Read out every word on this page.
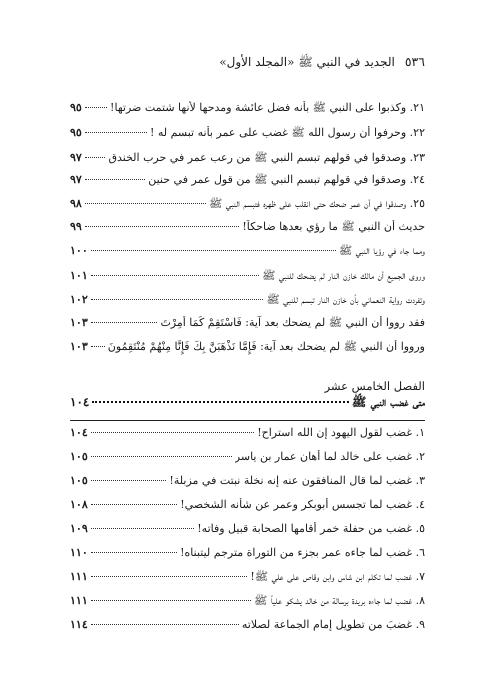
٥٣٦
الجديد في النبي ﷺ «المجلد الأول»
٢١. وكذبوا على النبي ﷺ بأنه فضل عائشة ومدحها لأنها شتمت ضرتها!
٩٥
٢٢. وحرفوا أن رسول الله ﷺ غضب على عمر بأنه تبسم له !
٩٥
٢٣. وصدقوا في قولهم تبسم النبي ﷺ من رعب عمر في حرب الخندق
٩٧
٢٤. وصدقوا في قولهم تبسم النبي ﷺ من قول عمر في حنين
٩٧
٢٥. وصدقوا في أن عمر ضحك حتى انقلب على ظهره فتبسم النبي ﷺ
٩٨
حديث أن النبي ﷺ ما رؤي بعدها ضاحكاً!
٩٩
ومما جاء في رؤيا النبي ﷺ
١٠٠
وروى الجميع أن مالك خازن النار لم يضحك للنبي ﷺ
١٠١
وتفردت رواية النعماني بأن خازن النار تبسم للنبي ﷺ
١٠٢
فقد رووا أن النبي ﷺ لم يضحك بعد آية: فَاسْتَقِمْ كَمَا أُمِرْتَ
١٠٣
ورووا أن النبي ﷺ لم يضحك بعد آية: فَإِمَّا نَذْهَبَنَّ بِكَ فَإِنَّا مِنْهُمْ مُنْتَقِمُونَ
١٠٣
الفصل الخامس عشر
متى غضب النبي ﷺ
١٠٤
١. غضب لقول اليهود إن الله استراح!
١٠٤
٢. غضب على خالد لما أهان عمار بن ياسر
١٠٥
٣. غضب لما قال المنافقون عنه إنه نخلة نبتت في مزبلة!
١٠٥
٤. غضب لما تجسس أبوبكر وعمر عن شأنه الشخصي!
١٠٨
٥. غضب من حفلة خمر أقامها الصحابة قبيل وفاته!
١٠٩
٦. غضب لما جاءه عمر بجزء من التوراة مترجم ليتبناه!
١١٠
٧. غضب لما تكلم ابن شاس وابن وقاص على علي ﷺ!
١١١
٨. غضب لما جاءه بريدة برسالة من خالد يشكو علياً ﷺ
١١١
٩. غضبَ من تطويل إمام الجماعة لصلاته
١١٤
